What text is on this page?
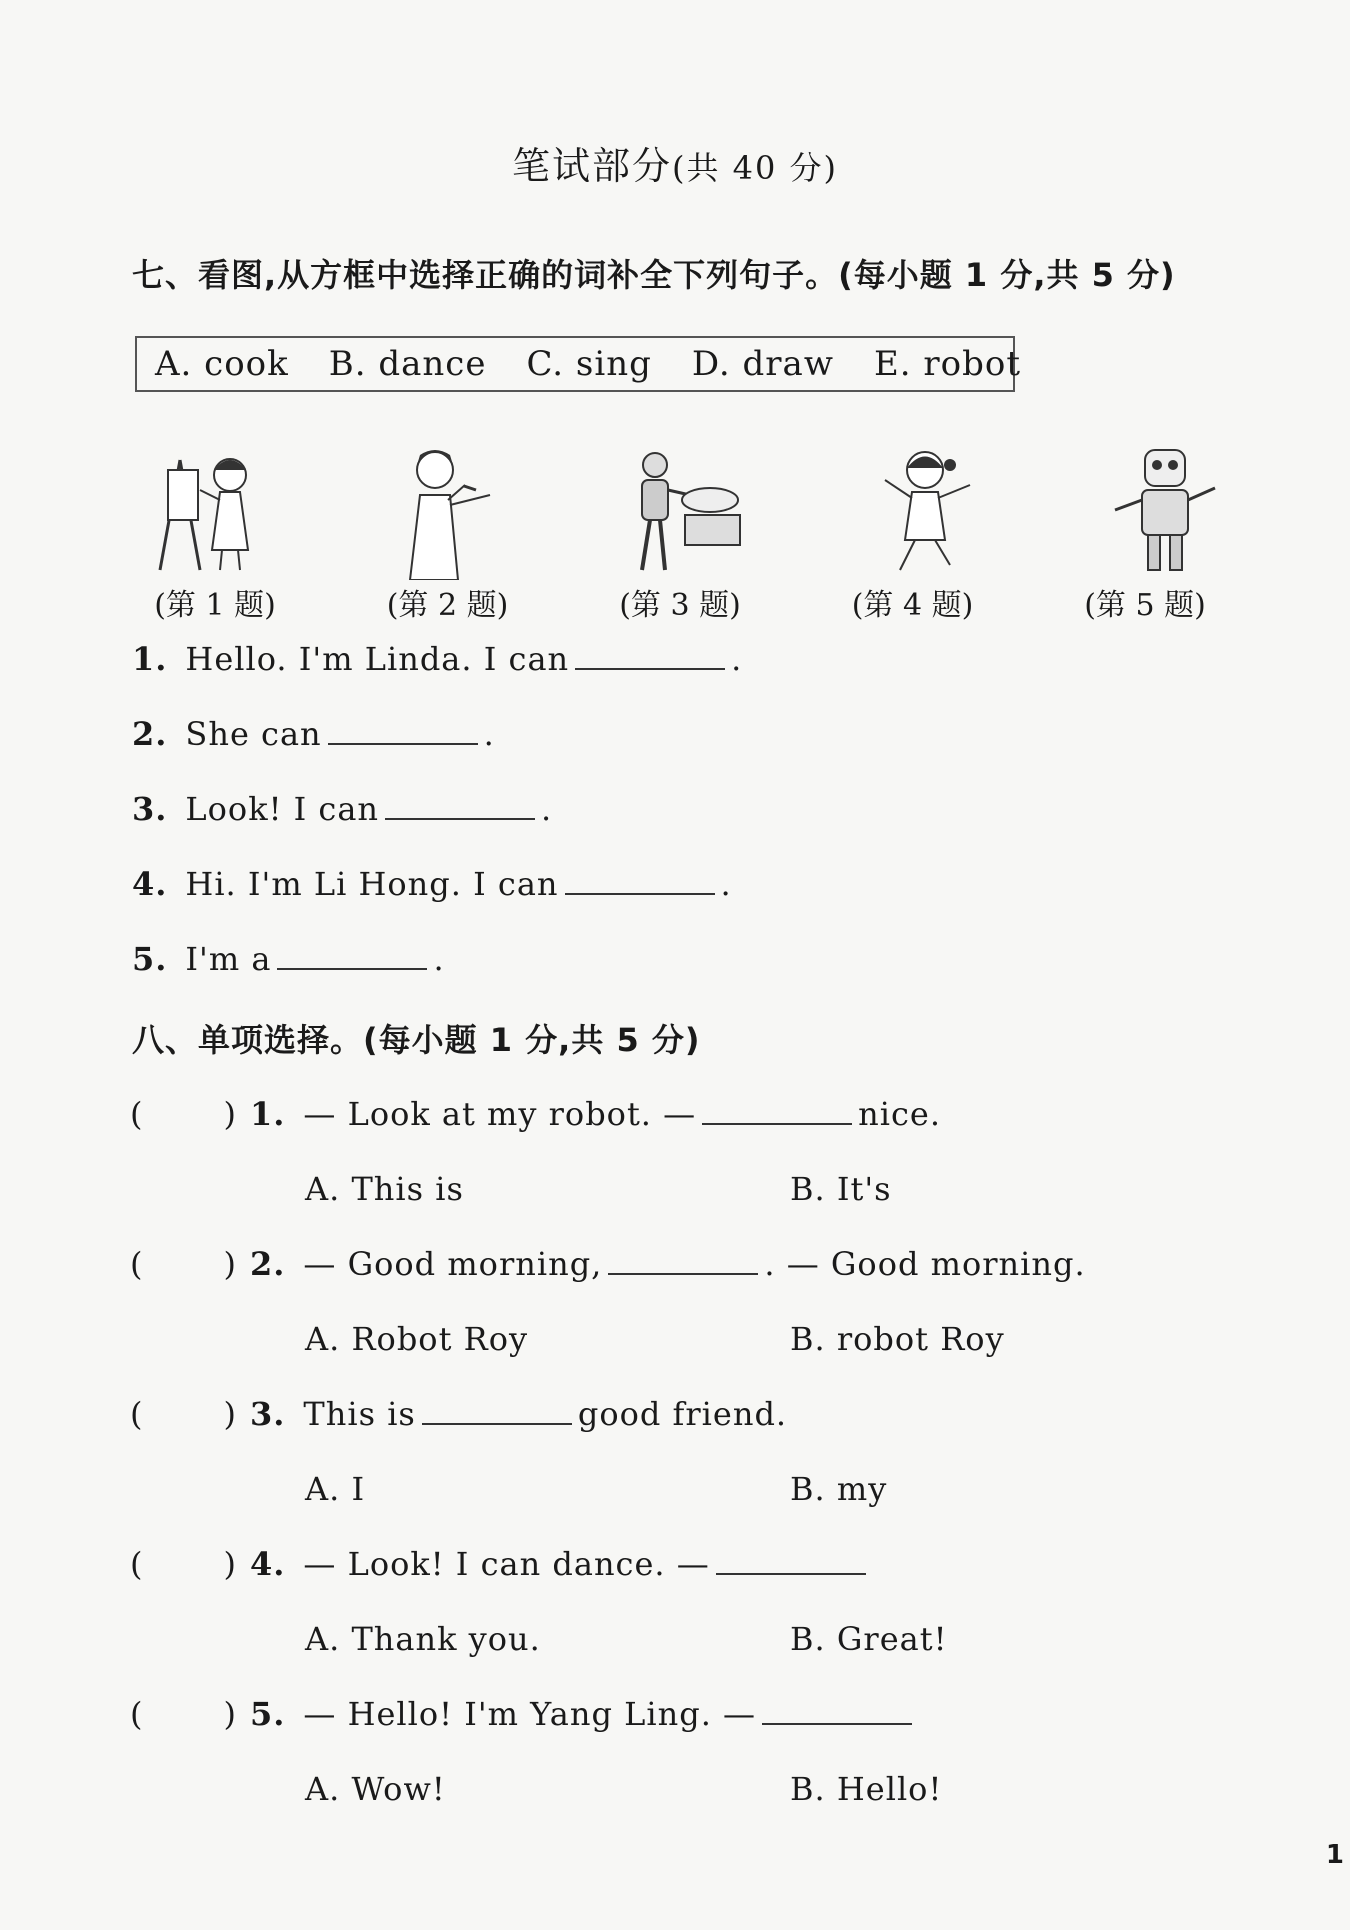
笔试部分(共 40 分)
七、看图,从方框中选择正确的词补全下列句子。(每小题 1 分,共 5 分)
A. cook B. dance C. sing D. draw E. robot
(第 1 题)	(第 2 题)	(第 3 题)	(第 4 题)	(第 5 题)
1. Hello. I'm Linda. I can	.
2. She can	.
3. Look! I can	.
4. Hi. I'm Li Hong. I can	.
5. I'm a	.
八、单项选择。(每小题 1 分,共 5 分)
(	) 1. — Look at my robot. —	nice.
A. This is	B. It's
(	) 2. — Good morning,	. — Good morning.
A. Robot Roy	B. robot Roy
(	) 3. This is	good friend.
A. I	B. my
(	) 4. — Look! I can dance. —
A. Thank you.	B. Great!
(	) 5. — Hello! I'm Yang Ling. —
A. Wow!	B. Hello!
1
